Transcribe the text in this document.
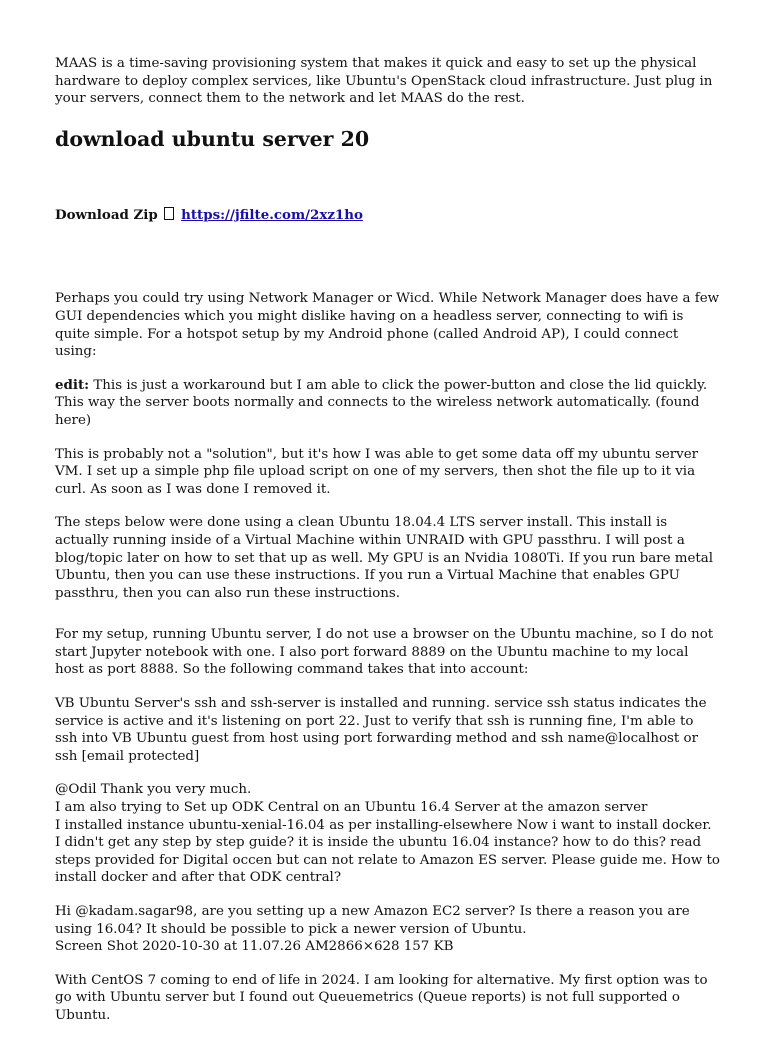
MAAS is a time-saving provisioning system that makes it quick and easy to set up the physical hardware to deploy complex services, like Ubuntu's OpenStack cloud infrastructure. Just plug in your servers, connect them to the network and let MAAS do the rest.

download ubuntu server 20
Download Zip https://jfilte.com/2xz1ho

Perhaps you could try using Network Manager or Wicd. While Network Manager does have a few GUI dependencies which you might dislike having on a headless server, connecting to wifi is quite simple. For a hotspot setup by my Android phone (called Android AP), I could connect using:

edit: This is just a workaround but I am able to click the power-button and close the lid quickly. This way the server boots normally and connects to the wireless network automatically. (found here)

This is probably not a "solution", but it's how I was able to get some data off my ubuntu server VM. I set up a simple php file upload script on one of my servers, then shot the file up to it via curl. As soon as I was done I removed it.

The steps below were done using a clean Ubuntu 18.04.4 LTS server install. This install is actually running inside of a Virtual Machine within UNRAID with GPU passthru. I will post a blog/topic later on how to set that up as well. My GPU is an Nvidia 1080Ti. If you run bare metal Ubuntu, then you can use these instructions. If you run a Virtual Machine that enables GPU passthru, then you can also run these instructions.

For my setup, running Ubuntu server, I do not use a browser on the Ubuntu machine, so I do not start Jupyter notebook with one. I also port forward 8889 on the Ubuntu machine to my local host as port 8888. So the following command takes that into account:

VB Ubuntu Server's ssh and ssh-server is installed and running. service ssh status indicates the service is active and it's listening on port 22. Just to verify that ssh is running fine, I'm able to ssh into VB Ubuntu guest from host using port forwarding method and ssh name@localhost or ssh [email protected]

@Odil Thank you very much.
I am also trying to Set up ODK Central on an Ubuntu 16.4 Server at the amazon server
I installed instance ubuntu-xenial-16.04 as per installing-elsewhere Now i want to install docker.
I didn't get any step by step guide? it is inside the ubuntu 16.04 instance? how to do this? read steps provided for Digital occen but can not relate to Amazon ES server. Please guide me. How to install docker and after that ODK central?

Hi @kadam.sagar98, are you setting up a new Amazon EC2 server? Is there a reason you are using 16.04? It should be possible to pick a newer version of Ubuntu.
Screen Shot 2020-10-30 at 11.07.26 AM2866×628 157 KB

With CentOS 7 coming to end of life in 2024. I am looking for alternative. My first option was to go with Ubuntu server but I found out Queuemetrics (Queue reports) is not full supported o Ubuntu.
